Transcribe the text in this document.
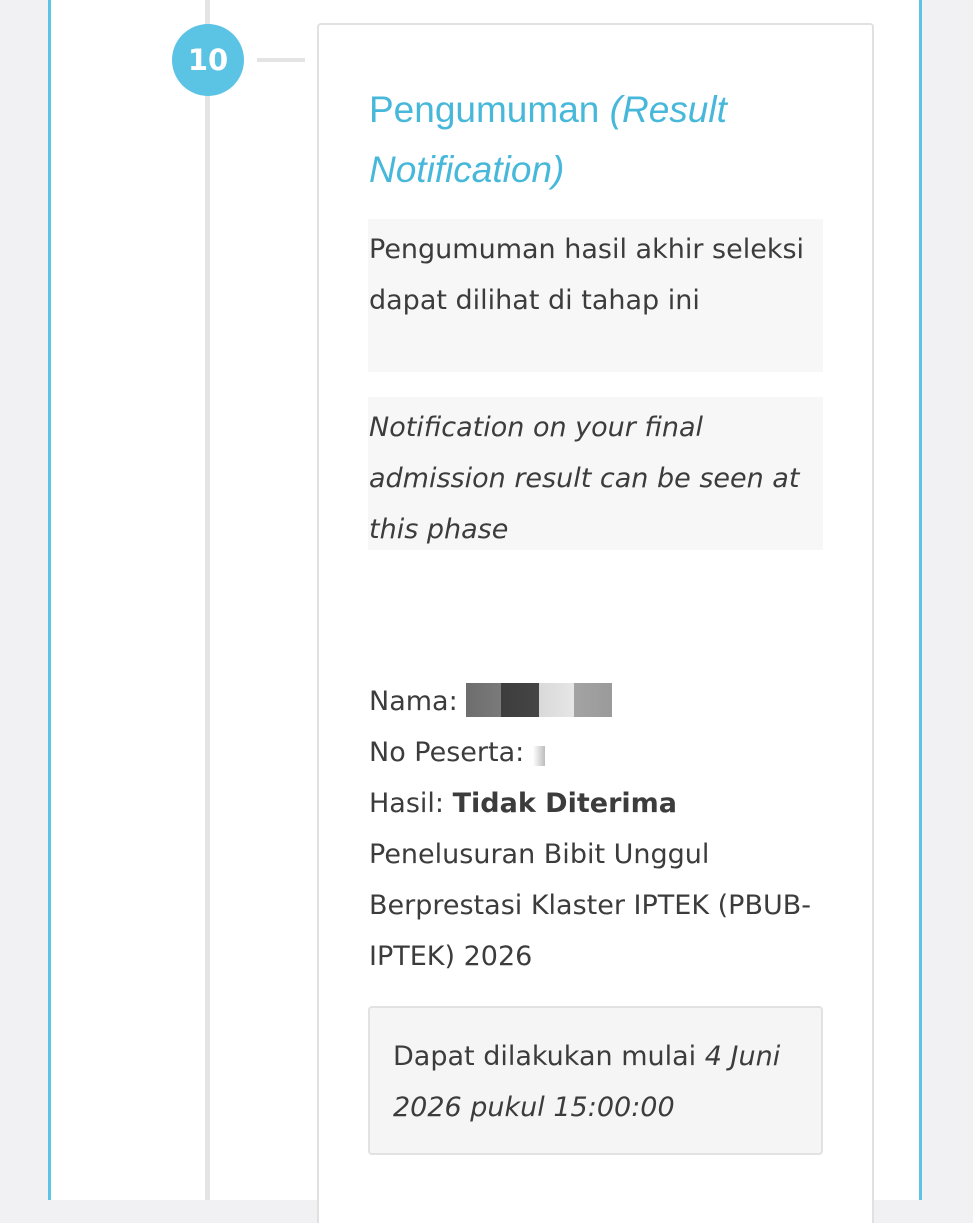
10
Pengumuman (Result Notification)
Pengumuman hasil akhir seleksi dapat dilihat di tahap ini
Notification on your final admission result can be seen at this phase
Nama:
No Peserta:
Hasil: Tidak Diterima
Penelusuran Bibit Unggul Berprestasi Klaster IPTEK (PBUB-IPTEK) 2026
Dapat dilakukan mulai 4 Juni 2026 pukul 15:00:00
